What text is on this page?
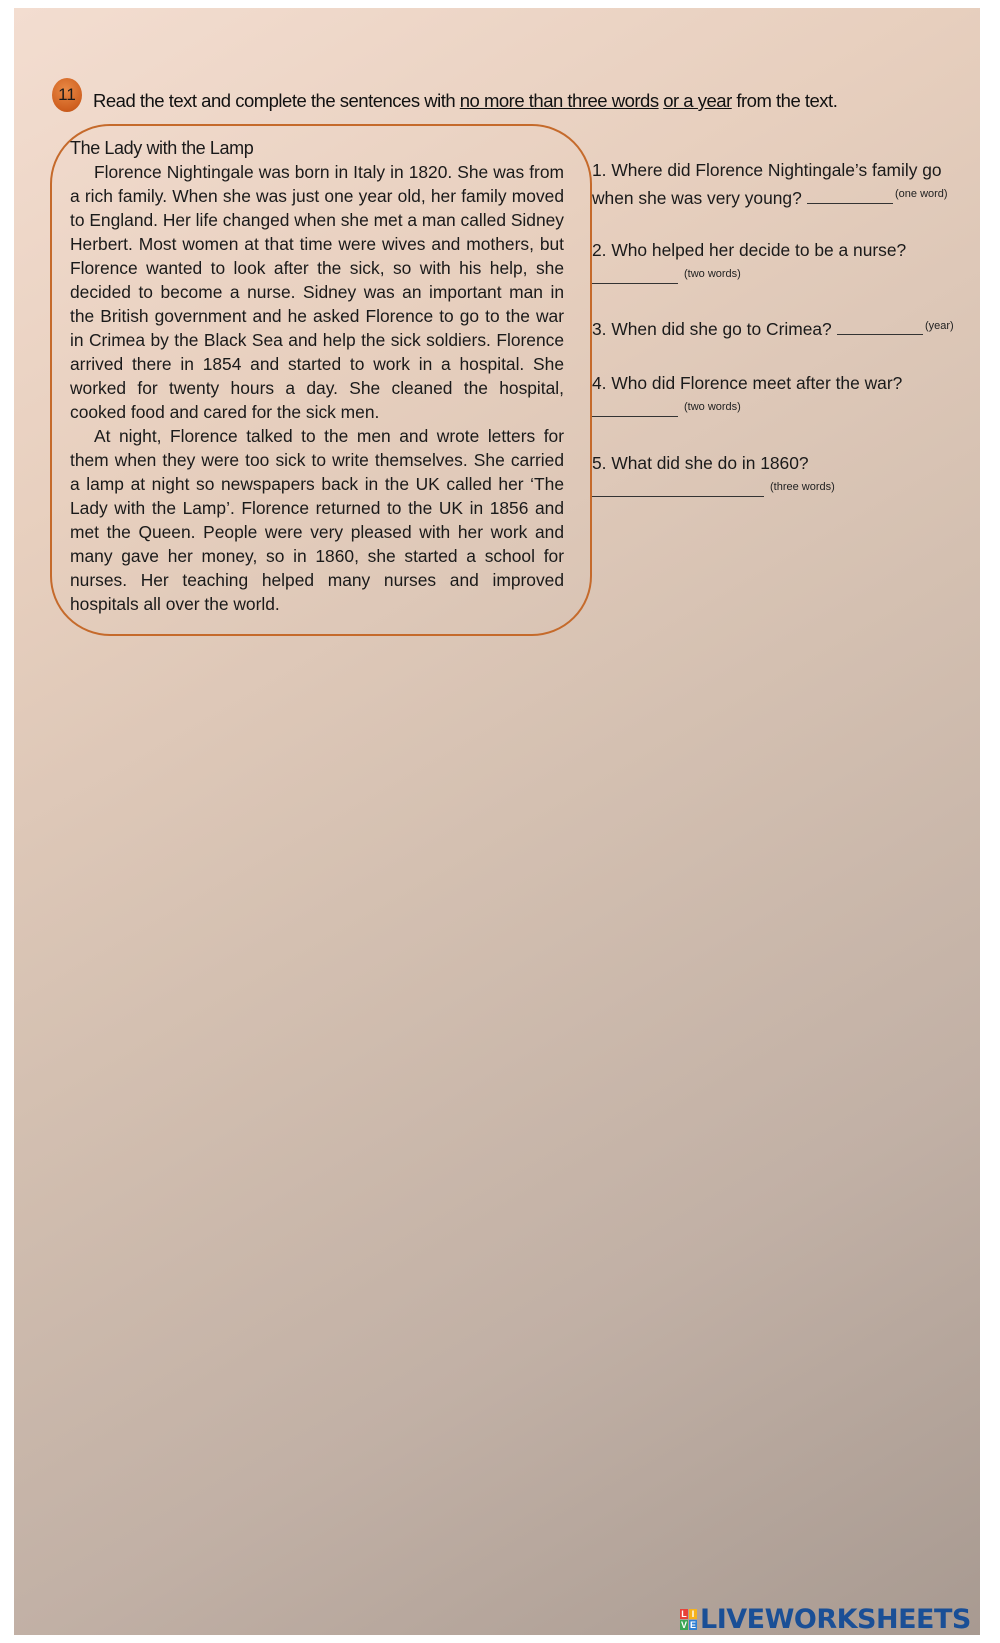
11 Read the text and complete the sentences with no more than three words or a year from the text.

The Lady with the Lamp

Florence Nightingale was born in Italy in 1820. She was from a rich family. When she was just one year old, her family moved to England. Her life changed when she met a man called Sidney Herbert. Most women at that time were wives and mothers, but Florence wanted to look after the sick, so with his help, she decided to become a nurse. Sidney was an important man in the British government and he asked Florence to go to the war in Crimea by the Black Sea and help the sick soldiers. Florence arrived there in 1854 and started to work in a hospital. She worked for twenty hours a day. She cleaned the hospital, cooked food and cared for the sick men.

At night, Florence talked to the men and wrote letters for them when they were too sick to write themselves. She carried a lamp at night so newspapers back in the UK called her ‘The Lady with the Lamp’. Florence returned to the UK in 1856 and met the Queen. People were very pleased with her work and many gave her money, so in 1860, she started a school for nurses. Her teaching helped many nurses and improved hospitals all over the world.

1. Where did Florence Nightingale’s family go
when she was very young?	(one word)
2. Who helped her decide to be a nurse?
(two words)
3. When did she go to Crimea?	(year)
4. Who did Florence meet after the war?
(two words)
5. What did she do in 1860?
(three words)
L I
V E LIVEWORKSHEETS
